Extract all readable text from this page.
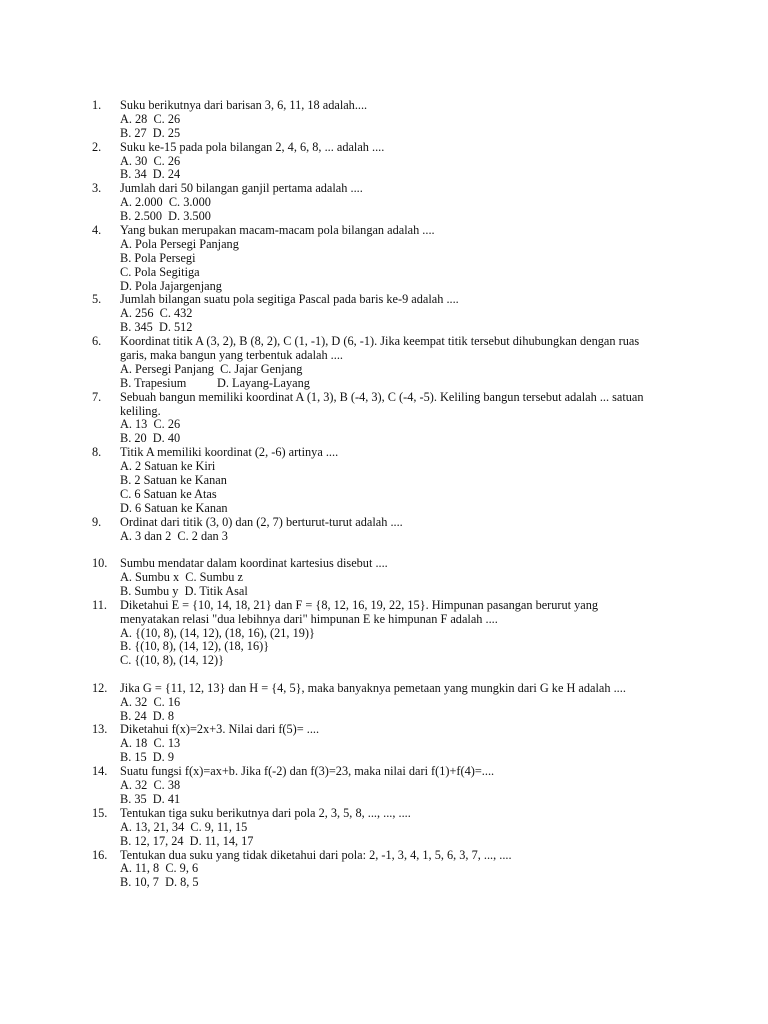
1.	Suku berikutnya dari barisan 3, 6, 11, 18 adalah....
A. 28  C. 26
B. 27  D. 25
2.	Suku ke-15 pada pola bilangan 2, 4, 6, 8, ... adalah ....
A. 30  C. 26
B. 34  D. 24
3.	Jumlah dari 50 bilangan ganjil pertama adalah ....
A. 2.000  C. 3.000
B. 2.500  D. 3.500
4.	Yang bukan merupakan macam-macam pola bilangan adalah ....
A. Pola Persegi Panjang
B. Pola Persegi
C. Pola Segitiga
D. Pola Jajargenjang
5.	Jumlah bilangan suatu pola segitiga Pascal pada baris ke-9 adalah ....
A. 256  C. 432
B. 345  D. 512
6.	Koordinat titik A (3, 2), B (8, 2), C (1, -1), D (6, -1). Jika keempat titik tersebut dihubungkan dengan ruas
garis, maka bangun yang terbentuk adalah ....
A. Persegi Panjang  C. Jajar Genjang
B. Trapesium          D. Layang-Layang
7.	Sebuah bangun memiliki koordinat A (1, 3), B (-4, 3), C (-4, -5). Keliling bangun tersebut adalah ... satuan
keliling.
A. 13  C. 26
B. 20  D. 40
8.	Titik A memiliki koordinat (2, -6) artinya ....
A. 2 Satuan ke Kiri
B. 2 Satuan ke Kanan
C. 6 Satuan ke Atas
D. 6 Satuan ke Kanan
9.	Ordinat dari titik (3, 0) dan (2, 7) berturut-turut adalah ....
A. 3 dan 2  C. 2 dan 3
10.	Sumbu mendatar dalam koordinat kartesius disebut ....
A. Sumbu x  C. Sumbu z
B. Sumbu y  D. Titik Asal
11.	Diketahui E = {10, 14, 18, 21} dan F = {8, 12, 16, 19, 22, 15}. Himpunan pasangan berurut yang
menyatakan relasi "dua lebihnya dari" himpunan E ke himpunan F adalah ....
A. {(10, 8), (14, 12), (18, 16), (21, 19)}
B. {(10, 8), (14, 12), (18, 16)}
C. {(10, 8), (14, 12)}
12.	Jika G = {11, 12, 13} dan H = {4, 5}, maka banyaknya pemetaan yang mungkin dari G ke H adalah ....
A. 32  C. 16
B. 24  D. 8
13.	Diketahui f(x)=2x+3. Nilai dari f(5)= ....
A. 18  C. 13
B. 15  D. 9
14.	Suatu fungsi f(x)=ax+b. Jika f(-2) dan f(3)=23, maka nilai dari f(1)+f(4)=....
A. 32  C. 38
B. 35  D. 41
15.	Tentukan tiga suku berikutnya dari pola 2, 3, 5, 8, ..., ..., ....
A. 13, 21, 34  C. 9, 11, 15
B. 12, 17, 24  D. 11, 14, 17
16.	Tentukan dua suku yang tidak diketahui dari pola: 2, -1, 3, 4, 1, 5, 6, 3, 7, ..., ....
A. 11, 8  C. 9, 6
B. 10, 7  D. 8, 5
